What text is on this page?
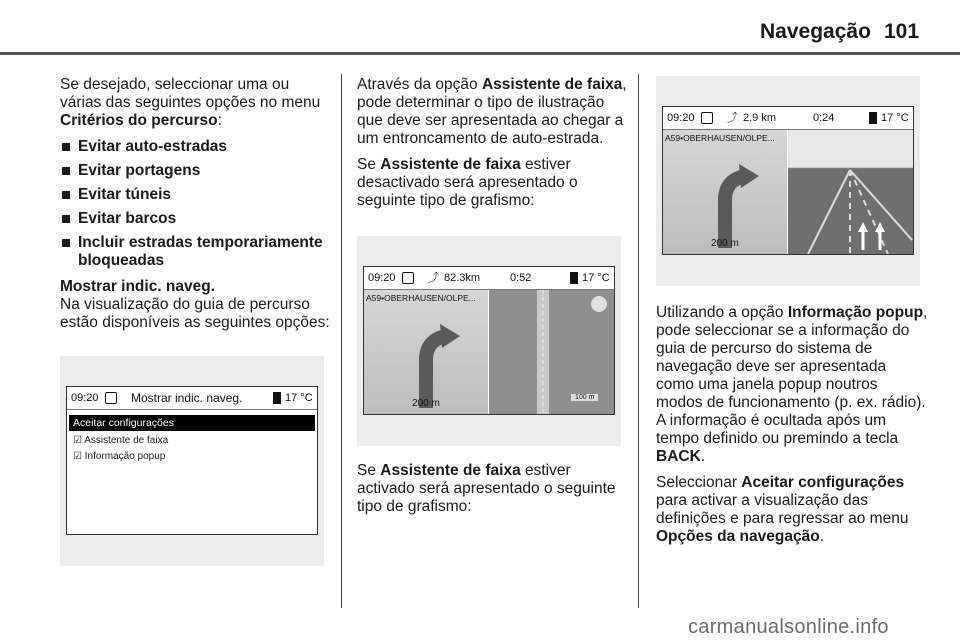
Navegação 101

Se desejado, seleccionar uma ou várias das seguintes opções no menu Critérios do percurso:

Evitar auto-estradas
Evitar portagens
Evitar túneis
Evitar barcos
Incluir estradas temporariamente
bloqueadas
Mostrar indic. naveg.

Na visualização do guia de percurso estão disponíveis as seguintes opções:

09:20	Mostrar indic. naveg.	17 °C
Aceitar configurações
☑ Assistente de faixa
☑ Informação popup

Através da opção Assistente de faixa, pode determinar o tipo de ilustração que deve ser apresentada ao chegar a um entroncamento de auto-estrada.

Se Assistente de faixa estiver desactivado será apresentado o seguinte tipo de grafismo:

09:20	⤴ 82.3km	0:52	17 °C
A59•OBERHAUSEN/OLPE...
200 m
100 m

Se Assistente de faixa estiver activado será apresentado o seguinte tipo de grafismo:

09:20	⤴ 2.9 km	0:24	17 °C
A59•OBERHAUSEN/OLPE...
200 m

Utilizando a opção Informação popup, pode seleccionar se a informação do guia de percurso do sistema de navegação deve ser apresentada como uma janela popup noutros modos de funcionamento (p. ex. rádio). A informação é ocultada após um tempo definido ou premindo a tecla BACK.

Seleccionar Aceitar configurações para activar a visualização das definições e para regressar ao menu Opções da navegação.

carmanualsonline.info
